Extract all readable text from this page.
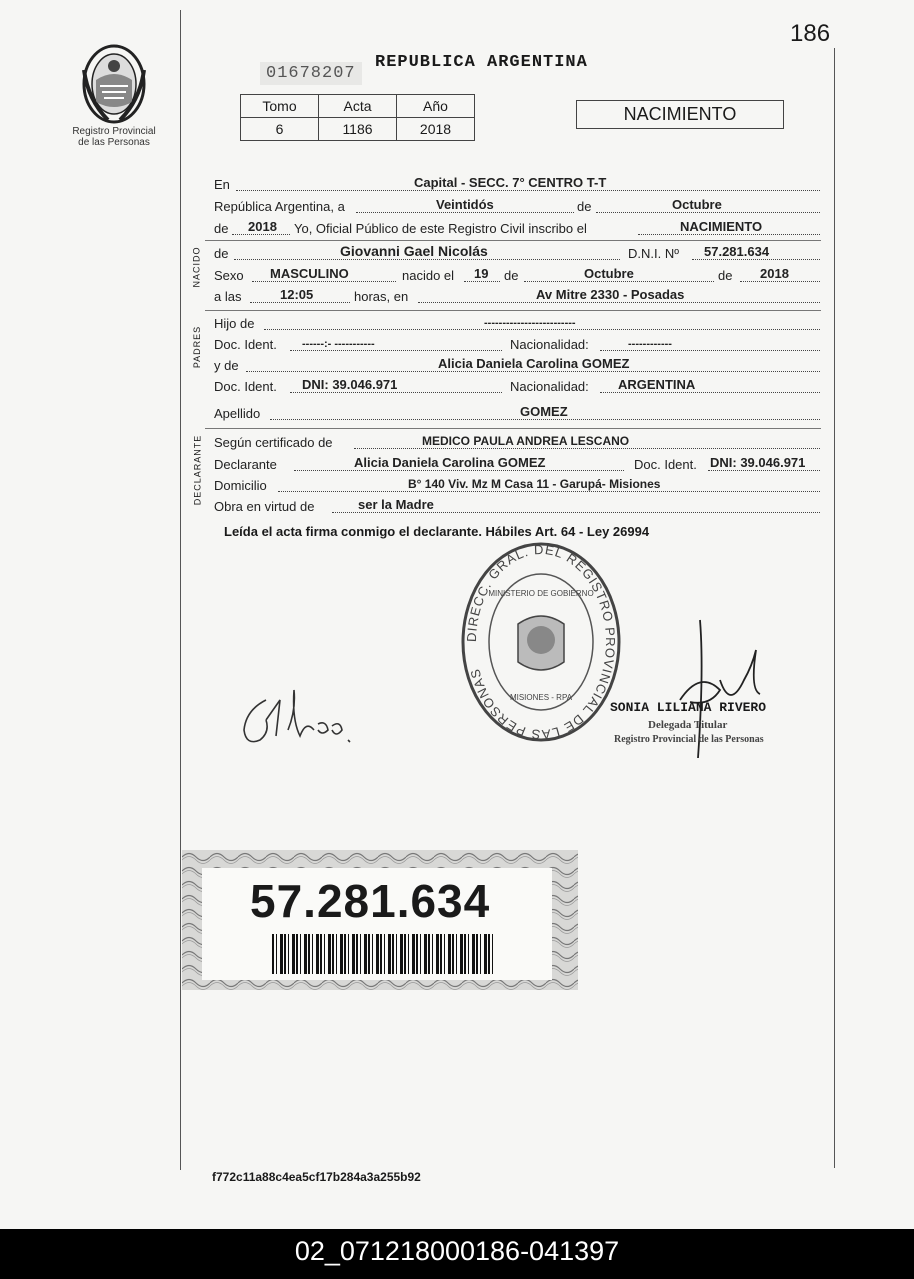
186
Registro Provincial
de las Personas
01678207
REPUBLICA ARGENTINA
Tomo	Acta	Año
6	1186	2018
NACIMIENTO
En	Capital - SECC. 7° CENTRO T-T
República Argentina, a	Veintidós	de	Octubre
de 2018 Yo, Oficial Público de este Registro Civil inscribo el	NACIMIENTO
NACIDO de	Giovanni Gael Nicolás	D.N.I. Nº 57.281.634
Sexo MASCULINO	nacido el 19 de	Octubre	de 2018
a las	12:05	horas, en	Av Mitre 2330 - Posadas
PADRES
Hijo de	-------------------------
Doc. Ident. ------:- -----------	Nacionalidad:	------------
y de	Alicia Daniela Carolina GOMEZ
Doc. Ident. DNI: 39.046.971	Nacionalidad: ARGENTINA
Apellido	GOMEZ
DECLARANTE Según certificado de	MEDICO PAULA ANDREA LESCANO
Declarante	Alicia Daniela Carolina GOMEZ	Doc. Ident. DNI: 39.046.971
Domicilio	B° 140 Viv. Mz M Casa 11 - Garupá- Misiones
Obra en virtud de	ser la Madre
Leída el acta firma conmigo el declarante. Hábiles Art. 64 - Ley 26994
DIRECC. GRAL. DEL REGISTRO PROVINCIAL DE LAS PERSONAS
MINISTERIO DE GOBIERNO
MISIONES - RPA
SONIA LILIANA RIVERO
Delegada Titular
Registro Provincial de las Personas
57.281.634
f772c11a88c4ea5cf17b284a3a255b92
02_071218000186-041397
